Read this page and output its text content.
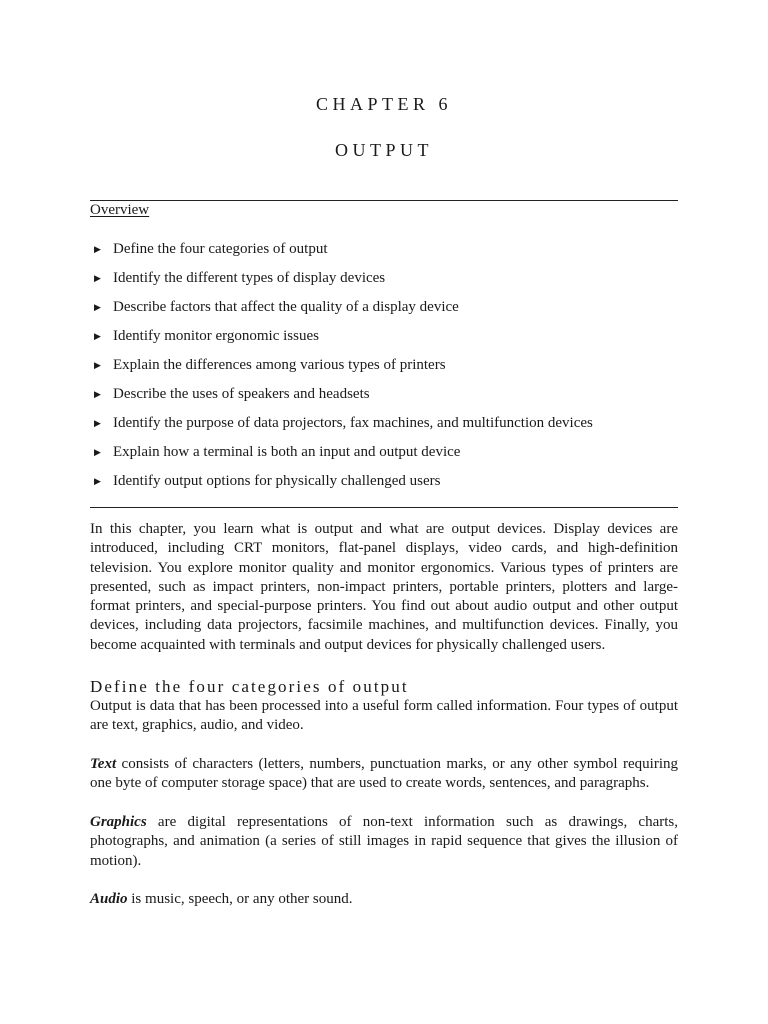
CHAPTER 6
OUTPUT
Overview
▶ Define the four categories of output
▶ Identify the different types of display devices
▶ Describe factors that affect the quality of a display device
▶ Identify monitor ergonomic issues
▶ Explain the differences among various types of printers
▶ Describe the uses of speakers and headsets
▶ Identify the purpose of data projectors, fax machines, and multifunction devices
▶ Explain how a terminal is both an input and output device
▶ Identify output options for physically challenged users

In this chapter, you learn what is output and what are output devices. Display devices are introduced, including CRT monitors, flat-panel displays, video cards, and high-definition television. You explore monitor quality and monitor ergonomics. Various types of printers are presented, such as impact printers, non-impact printers, portable printers, plotters and large-format printers, and special-purpose printers. You find out about audio output and other output devices, including data projectors, facsimile machines, and multifunction devices. Finally, you become acquainted with terminals and output devices for physically challenged users.

Define the four categories of output

Output is data that has been processed into a useful form called information. Four types of output are text, graphics, audio, and video.

Text consists of characters (letters, numbers, punctuation marks, or any other symbol requiring one byte of computer storage space) that are used to create words, sentences, and paragraphs.

Graphics are digital representations of non-text information such as drawings, charts, photographs, and animation (a series of still images in rapid sequence that gives the illusion of motion).

Audio is music, speech, or any other sound.
